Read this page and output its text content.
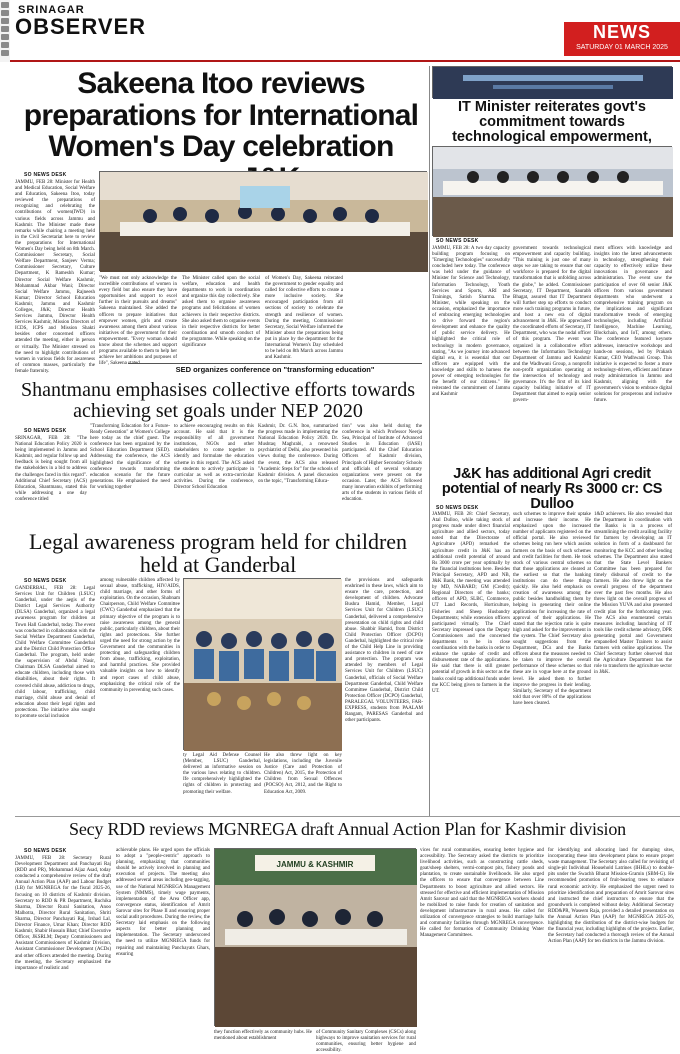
SRINAGAR
OBSERVER	NEWS
SATURDAY 01 MARCH 2025
Sakeena Itoo reviews preparations for International Women's Day celebration
SO NEWS DESK
JAMMU, FEB 28: Minister for Health and Medical Education, Social Welfare and Education, Sakeena Itoo, today reviewed the preparations of recognizing and celebrating the contributions of women(IWD) in various fields across Jammu and Kashmir. The Minister made these remarks while chairing a meeting held in the Civil Secretariat here to review the preparations for International Women's Day being held on 8th March. Commissioner Secretary, Social Welfare Department, Sanjeev Verma; Commissioner Secretary, Culture Department, K Rameshh Kumar; Director Social Welfare Kashmir, Mohammad Akbar Wani; Director Social Welfare Jammu, Rajneesh Kumar; Director School Education Kashmir, Jammu and Kashmir Colleges, J&K; Director Health Services Jammu, Director Health Services Kashmir, Mission Directors of ICDS, ICPS and Mission Shakti besides other concerned officers attended the meeting, either in person or virtually. The Minister stressed on the need to highlight contributions of women in various fields for awareness of common masses, particularly the female fraternity.
"We must not only acknowledge the incredible contributions of women in every field but also ensure they have opportunities and support to excel further in their pursuits and dreams" Sakeena maintained. She added the officers to prepare initiatives that empower women, girls and create awareness among them about various initiatives of the government for their empowerment. "Every woman should know about the schemes and support programs available to them to help her achieve her ambitions and purposes of life", Sakeena stated.
The Minister called upon the social welfare, education and health departments to work in coordination and organize this day collectively. She asked them to organise awareness programs and felicitations of women achievers in their respective districts. She also asked them to organise events in their respective districts for better coordination and smooth conduct of the programme. While speaking on the significance
of Women's Day, Sakeena reiterated the government to gender equality and called for collective efforts to create a more inclusive society. She encouraged participation from all sections of society to celebrate the strength and resilience of women. During the meeting, Commissioner Secretary, Social Welfare informed the Minister about the preparations being put in place by the department for the International Women's Day scheduled to be held on 8th March across Jammu and Kashmir.
IT Minister reiterates govt's commitment towards technological empowerment,
SO NEWS DESK
JAMMU, FEB 28: A two day capacity building program focusing on "Emerging Technologies" successfully concluded here today. The conference was held under the guidance of Minister for Science and Technology, Information Technology, Youth Services and Sports, ARI and Trainings, Satish Sharma. The Minister, while speaking on the occasion, emphasized the importance of embracing emerging technologies to drive forward the region's development and enhance the quality of public service delivery. He highlighted the critical role of technology in modern governance, stating, "As we journey into advanced digital era, it is essential that our officers are equipped with the knowledge and skills to harness the power of emerging technologies for the benefit of our citizens." He reiterated the commitment of Jammu and Kashmir
government towards technological empowerment and capacity building. "This training is just one of many steps we are taking to ensure that our workforce is prepared for the digital transformation that is unfolding across the globe," he added. Commissioner Secretary, IT Department, Saurabh Bhagat, assured that IT Department will further step up efforts to conduct more such training programs in future, and host a new era of digital advancement in J&K. He appreciated the coordinated efforts of Secretary, IT Department, who was the nodal officer of this program. The event was organized in a collaborative effort between the Information Technology Department of Jammu and Kashmir and the Wadhwani Group, a nonprofit non-profit organization operating at the intersection of technology and governance. It's the first of its kind capacity building initiative of IT Department that aimed to equip senior govern-
ment officers with knowledge and insights into the latest advancements in technology, strengthening their capacity to effectively utilize these innovations in governance and administration. The event saw the participation of over 60 senior J&K officers from various government departments who underwent a comprehensive training program on the implications and significant transformative trends of emerging technologies, including Artificial Intelligence, Machine Learning, Blockchain, and IoT, among others. The conference featured keynote addresses, interactive workshops and hands-on sessions, led by Prakash Kumar, CEO Wadhwani Group. This initiative is expected to foster a more technology-driven, efficient and future ready administration in Jammu and Kashmir, aligning with the government's vision to embrace digital solutions for prosperous and inclusive future.
SED organizes conference on "transforming education"
Shantmanu emphasises collective efforts towards achieving set goals under NEP 2020
SO NEWS DESK
SRINAGAR, FEB 28: "The National Education Policy 2020 is being implemented in Jammu and Kashmir, and regular follow up and feedback is being sought from all the stakeholders in a bid to address the challenges faced in this regard". Additional Chief Secretary (ACS) Education, Shantmanu, stated this while addressing a one day conference titled
"Transforming Education for a Future-Ready Generation" at Women's College here today as the chief guest. The conference has been organized by the School Education Department (SED). Addressing the conference, the ACS highlighted the significance of the conference towards transforming education scenario for the future generations. He emphasised the need for working together
to achieve encouraging results on this account. He said that it is the responsibility of all government institutions, NGOs and other stakeholders to come together to identify and formulate the education scheme in this regard. The ACS asked the students to actively participate in curricular as well as extra-curricular activities. During the conference, Director School Education
Kashmir, Dr. G.N. Itoo, summarized the progress made in implementing the National Education Policy 2020. Dr. Mushtaq Maghrabi, a renowned psychiatrist of Delhi, also presented his views during the conference. During the event, the ACS also released "Academic Steps for" for the schools of Kashmir division. A panel discussion on the topic, "Transforming Educa-
tion" was also held during the conference in which Professor Neerja Sea, Principal of Institute of Advanced Studies in Education (IASE) participated. All the Chief Education Officers of Kashmir division, Principals of Higher Secondary Schools and officials of several voluntary organizations were present on the occasion. Later, the ACS followed many innovation exhibits of performing arts of the students in various fields of education.
J&K has additional Agri credit potential of nearly Rs 3000 cr: CS Dulloo
SO NEWS DESK
JAMMU, FEB 28: Chief Secretary, Atal Dulloo, while taking stock of progress made under direct financial agriculture and allied sectors, today noted that the Directorate of Agriculture (APD) remarked the agriculture credit in J&K has an additional credit potential of around Rs 3000 crore per year optimally by the financial institutions here. Besides Principal Secretary, APD and NB, J&K Bank, the meeting was attended by MD, NABARD; GM (Credit); Regional Directors of the banks; officers of APD, SLBC, Commerce, UT Land Records, Horticulture, Fisheries and Sheep Husbandry Departments; while extension officers participated virtually. The Chief Secretary impressed upon the Deputy Commissioners and the concerned departments to be in close coordination with the banks in order to enhance the uptake of credit and disbursement rate of the applications. He said that there is still greater potential of growth in this sector as the banks could tap additional funds under the KCC being given to farmers in the UT.
such schemes to improve their uptake and increase their income. He emphasized upon the increased number of applicants registered on the official portal. He also reviewed schemes being run here which assists farmers on the basis of such schemes and credit facilities for them. He took stock of various central schemes so that those applications are cleared at the earliest so that the banking institutions can do these things quickly. He also held emphasis on creation of awareness among the public besides handholding them by helping in generating their online applications for increasing the rate of approval of their applications. He stated that the rejection ratio is quite high and asked for the improvement in the system. The Chief Secretary also sought suggestions from the Department, DCs and the Banks officers about the measures needed to be taken to improve the overall performance of these schemes so that these are in vogue here at the ground level. He asked them to further improve the progress in their lending. Similarly, Secretary of the department told that over 80% of the applications have been cleared.
1&D achievers. He also revealed that the Department in coordination with the Banks is in a process of streamlining the credit availing facility for farmers by developing an IT solution in form of a dashboard for monitoring the KCC and other lending schemes. The Department also stated that the State Level Bankers Committee has been prepared for timely disbursal of credit to the farmers. He also threw light on the overall progress of the department over the past few months. He also threw light on the overall progress of the Mission YUVA and also presented credit plan for the forthcoming year. The ACS also enumerated certain measures including launching of IT tools like credit scheme advisory, DPR generating portal and Government empanelled Master Trainers to assist farmers with online applications. The Chief Secretary further observed that the Agriculture Department has the role to transform the agriculture sector in J&K.
Legal awareness program held for children held at Ganderbal
SO NEWS DESK
GANDERBAL, FEB 28: Legal Services Unit for Children (LSUC) Ganderbal, under the aegis of the District Legal Services Authority (DLSA) Ganderbal, organized a legal awareness program for children at Town Hall Ganderbal, today. The event was conducted in collaboration with the Social Welfare Department Ganderbal, Child Welfare Committee Ganderbal and the District Child Protection Office Ganderbal. The program, held under the supervision of Abdul Nasir, Chairman DLSA Ganderbal aimed to educate children, including those with disabilities, about their rights. It covered child abuse, addiction to drugs, child labour, trafficking, child marriage, child abuse and denial of education about their legal rights and protections. The initiative also sought to promote social inclusion
among vulnerable children affected by sexual abuse, trafficking, HIV/AIDS, child marriage, and other forms of exploitation. On the occasion, Shabnam Chairperson, Child Welfare Committee (CWC) Ganderbal emphasized that the primary objective of the program is to raise awareness among the general public, particularly children, about their rights and protections. She further urged the need for strong action by the Government and the communities in protecting and safeguarding children from abuse, trafficking, exploitation, and harmful practices. She provided valuable insights on how to identify and report cases of child abuse, emphasizing the critical role of the community in preventing such cases.
ty Legal Aid Defense Counsel (Member, LSUC) Ganderbal, delivered an informative session on the various laws relating to children. Ife comprehensively highlighted the rights of children in protecting and promoting their welfare.
He also threw light on key legislations, including the Juvenile Justice (Care and Protection of Children) Act, 2015, the Protection of Children from Sexual Offences (POCSO) Act, 2012, and the Right to Education Act, 2009.
the provisions and safeguards enshrined in these laws, which aim to ensure the care, protection, and development of children. Advocate Bushra Hamid, Member, Legal Services Unit for Children (LSUC) Ganderbal, delivered a comprehensive presentation on child rights and child abuse. Shabbir Hamid, from District Child Protection Officer (DCPO) Ganderbal, highlighted the critical role of the Child Help Line in providing assistance to children in need of care and protection. The program was attended by members of Legal Services Unit for Children (LSUC) Ganderbal, officials of Social Welfare Department Ganderbal, Child Welfare Committee Ganderbal, District Child Protection Officer (DCPO) Ganderbal, PARALEGAL VOLUNTEERS, FAR-EXPRESS, students from PAALAM Rangam, PARESAS Ganderbal and other participants.
Secy RDD reviews MGNREGA draft Annual Action Plan for Kashmir division
SO NEWS DESK
JAMMU, FEB 28: Secretary Rural Development Department and Panchayati Raj (RDD and PR), Mohammad Aijaz Asad, today conducted a comprehensive review of the draft Annual Action Plan (AAP) and Labour Budget (LB) for MGNREGA for the fiscal 2025-26, focusing on 10 districts of Kashmir division. Secretary to RDD & PR Department, Ruchika Sharma, Director Rural Sanitation, Anoo Malhotra, Director Rural Sanitation, Shriti Sharma, Director Panchayati Raj, Irshad Lal, Director Finance, Umar Khan; Director RDD Kashmir, Shabir Hussain Bhat; Chief Executive Officer, JKSRLM; Deputy Commissioners and Assistant Commissioners of Kashmir Division, Assistant Commissioner Development (ACDs) and other officers attended the meeting. During the meeting, the Secretary emphasized the importance of realistic and
achievable plans. He urged upon the officials to adopt a "people-centric" approach to planning, emphasizing that communities should be actively involved in planning and execution of projects. The meeting also addressed several areas including geo-tagging, use of the National MGNREGA Management System (NMMS), timely wage payments, implementation of the Area Officer app, convergence status, identification of Amrit Sarovar sites for Phase II and ensuring proper social audit procedures. During the review, the Secretary laid emphasis on the following aspects for better planning and implementation. The Secretary underscored the need to utilize MGNREGA funds for repairing and maintaining Panchayats Ghars, ensuring
JAMMU & KASHMIR
they function effectively as community hubs. He mentioned about establishment
of Community Sanitary Complexes (CSCs) along highways to improve sanitation services for rural communities, ensuring better hygiene and accessibility.
vices for rural communities, ensuring better hygiene and accessibility. The Secretary asked the districts to prioritize livelihood activities, such as constructing cattle sheds, goat/sheep shelters, vermi-compost pits, fishery ponds and plantation, to create sustainable livelihoods. He also urged the officers to ensure that convergence between Line Departments to boost agriculture and allied sectors. He stressed for effective and efficient implementation of Mission Amrit Sarovar and said that the MGNREGA workers should be mobilized to raise funds for creation of sanitation and development infrastructure in rural areas. He called for utilization of convergence strategies to build marriage halls and community facilities through MGNREGA convergence. He called for formation of Community Drinking Water Management Committees.
for identifying and allocating land for dumping sites, incorporating these into development plans to ensure proper waste management. The Secretary also called for revisiting of single-pit Individual Household Latrines (IHHLs) to double-pits under the Swachh Bharat Mission-Gramin (SBM-G). He recommended promotion of fruit-bearing trees to enhance rural economic activity. He emphasized the urgent need to prioritize identification and preparation of Amrit Sarovar sites and instructed the chief instructors to ensure that the groundwork is completed without delay. Additional Secretary RDD&PR, Waseem Raja, provided a detailed presentation on the Annual Action Plan (AAP) for MGNREGA 2025-26, highlighting the distribution of the district-wise budgets for the financial year, including highlights of the projects. Earlier, the Secretary had conducted a thorough review of the Annual Action Plan (AAP) for ten districts in the Jammu division.
